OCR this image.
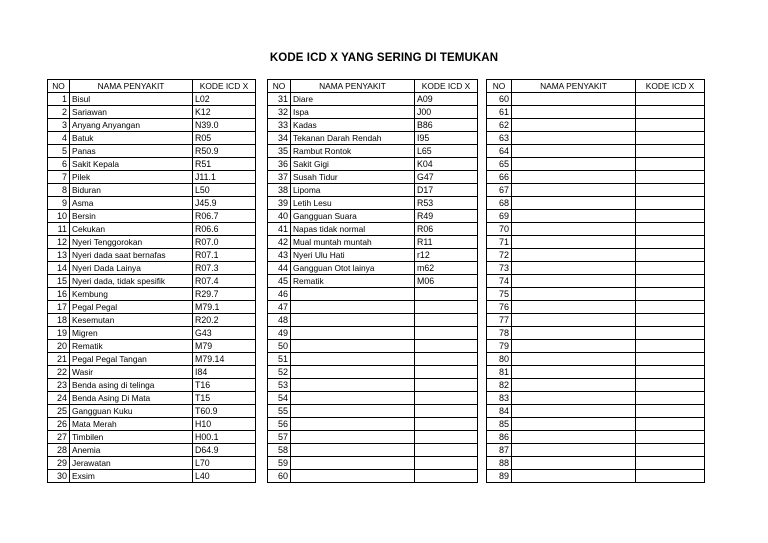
KODE ICD X YANG SERING DI TEMUKAN
NO	NAMA PENYAKIT	KODE ICD X
1	Bisul	L02
2	Sariawan	K12
3	Anyang Anyangan	N39.0
4	Batuk	R05
5	Panas	R50.9
6	Sakit Kepala	R51
7	Pilek	J11.1
8	Biduran	L50
9	Asma	J45.9
10	Bersin	R06.7
11	Cekukan	R06.6
12	Nyeri Tenggorokan	R07.0
13	Nyeri dada saat bernafas	R07.1
14	Nyeri Dada Lainya	R07.3
15	Nyeri dada, tidak spesifik	R07.4
16	Kembung	R29.7
17	Pegal Pegal	M79.1
18	Kesemutan	R20.2
19	Migren	G43
20	Rematik	M79
21	Pegal Pegal Tangan	M79.14
22	Wasir	I84
23	Benda asing di telinga	T16
24	Benda Asing Di Mata	T15
25	Gangguan Kuku	T60.9
26	Mata Merah	H10
27	Timbilen	H00.1
28	Anemia	D64.9
29	Jerawatan	L70
30	Exsim	L40
NO	NAMA PENYAKIT	KODE ICD X
31	Diare	A09
32	Ispa	J00
33	Kadas	B86
34	Tekanan Darah Rendah	I95
35	Rambut Rontok	L65
36	Sakit Gigi	K04
37	Susah Tidur	G47
38	Lipoma	D17
39	Letih Lesu	R53
40	Gangguan Suara	R49
41	Napas tidak normal	R06
42	Mual muntah muntah	R11
43	Nyeri Ulu Hati	r12
44	Gangguan Otot lainya	m62
45	Rematik	M06
46		
47		
48		
49		
50		
51		
52		
53		
54		
55		
56		
57		
58		
59		
60		
NO	NAMA PENYAKIT	KODE ICD X
60		
61		
62		
63		
64		
65		
66		
67		
68		
69		
70		
71		
72		
73		
74		
75		
76		
77		
78		
79		
80		
81		
82		
83		
84		
85		
86		
87		
88		
89		
